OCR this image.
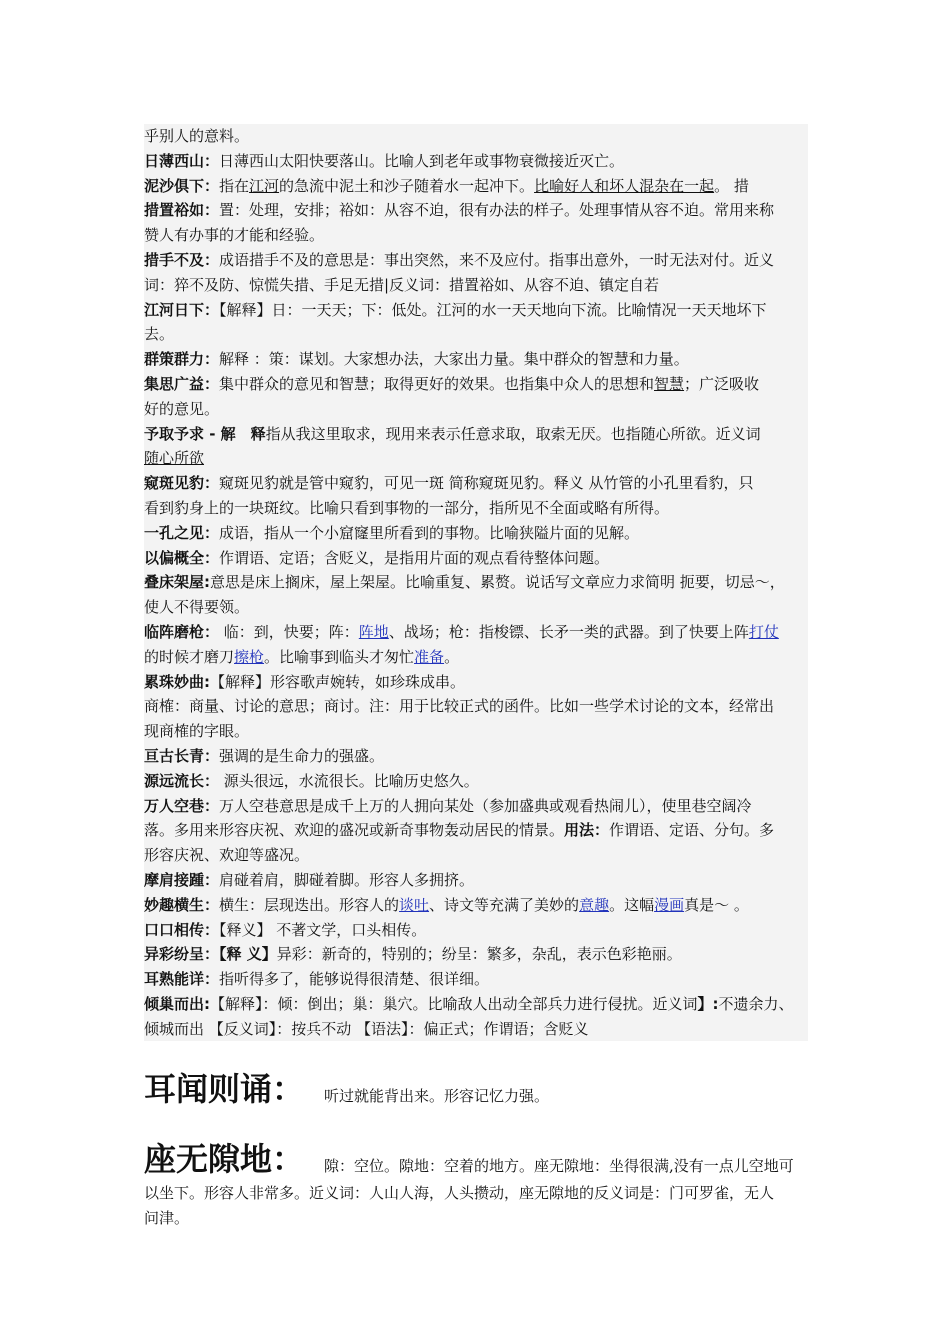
乎别人的意料。
日薄西山：日薄西山太阳快要落山。比喻人到老年或事物衰微接近灭亡。
泥沙俱下：指在江河的急流中泥土和沙子随着水一起冲下。比喻好人和坏人混杂在一起。 措
措置裕如：置：处理，安排；裕如：从容不迫，很有办法的样子。处理事情从容不迫。常用来称
赞人有办事的才能和经验。
措手不及：成语措手不及的意思是：事出突然，来不及应付。指事出意外，一时无法对付。近义
词：猝不及防、惊慌失措、手足无措|反义词：措置裕如、从容不迫、镇定自若
江河日下：【解释】日：一天天；下：低处。江河的水一天天地向下流。比喻情况一天天地坏下
去。
群策群力：解释 ：策：谋划。大家想办法，大家出力量。集中群众的智慧和力量。
集思广益：集中群众的意见和智慧；取得更好的效果。也指集中众人的思想和智慧；广泛吸收
好的意见。
予取予求 - 解　释指从我这里取求，现用来表示任意求取，取索无厌。也指随心所欲。近义词
随心所欲
窥斑见豹：窥斑见豹就是管中窥豹，可见一斑 简称窥斑见豹。释义 从竹管的小孔里看豹，只
看到豹身上的一块斑纹。比喻只看到事物的一部分，指所见不全面或略有所得。
一孔之见：成语，指从一个小窟窿里所看到的事物。比喻狭隘片面的见解。
以偏概全：作谓语、定语；含贬义，是指用片面的观点看待整体问题。
叠床架屋:意思是床上搁床，屋上架屋。比喻重复、累赘。说话写文章应力求简明 扼要，切忌～，
使人不得要领。
临阵磨枪： 临：到，快要；阵：阵地、战场；枪：指梭镖、长矛一类的武器。到了快要上阵打仗
的时候才磨刀擦枪。比喻事到临头才匆忙准备。
累珠妙曲:【解释】形容歌声婉转，如珍珠成串。
商榷：商量、讨论的意思；商讨。注：用于比较正式的函件。比如一些学术讨论的文本，经常出
现商榷的字眼。
亘古长青：强调的是生命力的强盛。
源远流长： 源头很远，水流很长。比喻历史悠久。
万人空巷：万人空巷意思是成千上万的人拥向某处（参加盛典或观看热闹儿），使里巷空阔冷
落。多用来形容庆祝、欢迎的盛况或新奇事物轰动居民的情景。用法：作谓语、定语、分句。多
形容庆祝、欢迎等盛况。
摩肩接踵：肩碰着肩，脚碰着脚。形容人多拥挤。
妙趣横生：横生：层现迭出。形容人的谈吐、诗文等充满了美妙的意趣。这幅漫画真是～ 。
口口相传：【释义】 不著文学，口头相传。
异彩纷呈：【释 义】异彩：新奇的，特别的；纷呈：繁多，杂乱，表示色彩艳丽。
耳熟能详：指听得多了，能够说得很清楚、很详细。
倾巢而出:【解释】：倾：倒出；巢：巢穴。比喻敌人出动全部兵力进行侵扰。近义词】:不遗余力、
倾城而出 【反义词】：按兵不动 【语法】：偏正式；作谓语；含贬义
耳闻则诵： 听过就能背出来。形容记忆力强。
座无隙地： 隙：空位。隙地：空着的地方。座无隙地：坐得很满,没有一点儿空地可
以坐下。形容人非常多。近义词：人山人海，人头攒动，座无隙地的反义词是：门可罗雀，无人
问津。
